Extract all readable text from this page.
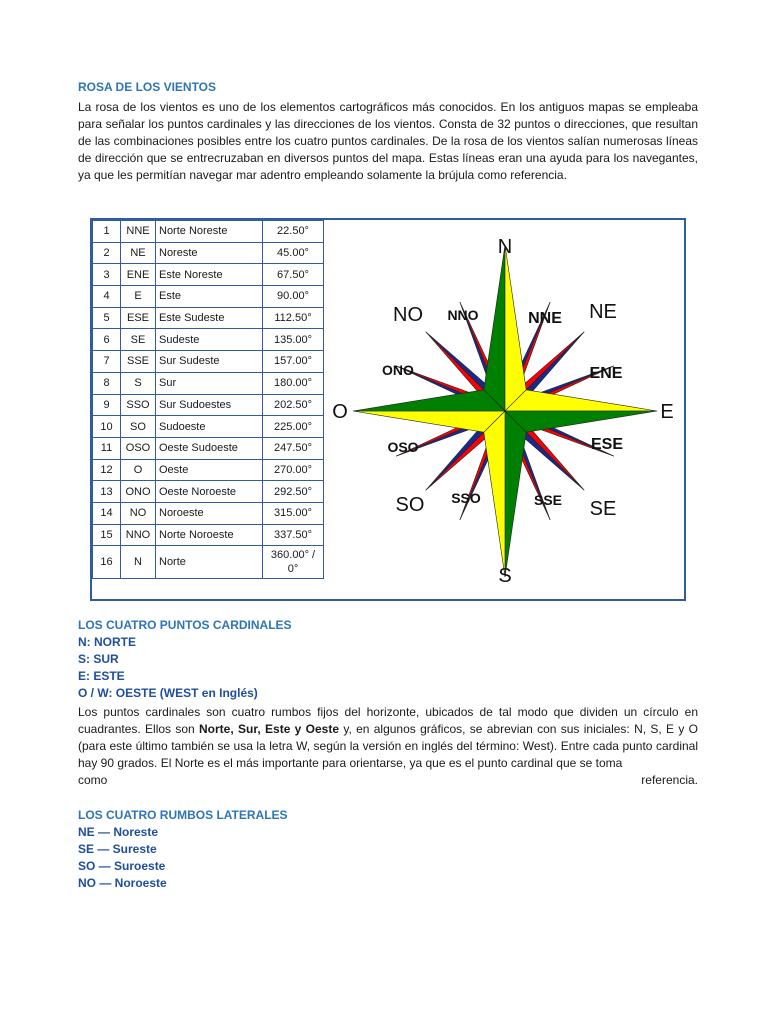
ROSA DE LOS VIENTOS

La rosa de los vientos es uno de los elementos cartográficos más conocidos. En los antiguos mapas se empleaba para señalar los puntos cardinales y las direcciones de los vientos. Consta de 32 puntos o direcciones, que resultan de las combinaciones posibles entre los cuatro puntos cardinales. De la rosa de los vientos salían numerosas líneas de dirección que se entrecruzaban en diversos puntos del mapa. Estas líneas eran una ayuda para los navegantes, ya que les permitían navegar mar adentro empleando solamente la brújula como referencia.

1	NNE	Norte Noreste	22.50°
2	NE	Noreste	45.00°
3	ENE	Este Noreste	67.50°
4	E	Este	90.00°
5	ESE	Este Sudeste	112.50°
6	SE	Sudeste	135.00°
7	SSE	Sur Sudeste	157.00°
8	S	Sur	180.00°
9	SSO	Sur Sudoestes	202.50°
10	SO	Sudoeste	225.00°
11	OSO	Oeste Sudoeste	247.50°
12	O	Oeste	270.00°
13	ONO	Oeste Noroeste	292.50°
14	NO	Noroeste	315.00°
15	NNO	Norte Noroeste	337.50°
16	N	Norte	360.00° / 0°
N
S
E
O
NO	NE
SO	SE
NNO	NNE
ONO	ENE
OSO	ESE
SSO	SSE

LOS CUATRO PUNTOS CARDINALES

N: NORTE
S: SUR
E: ESTE
O / W: OESTE (WEST en Inglés)

Los puntos cardinales son cuatro rumbos fijos del horizonte, ubicados de tal modo que dividen un círculo en cuadrantes. Ellos son Norte, Sur, Este y Oeste y, en algunos gráficos, se abrevian con sus iniciales: N, S, E y O (para este último también se usa la letra W, según la versión en inglés del término: West). Entre cada punto cardinal hay 90 grados. El Norte es el más importante para orientarse, ya que es el punto cardinal que se toma

como	referencia.

LOS CUATRO RUMBOS LATERALES

NE — Noreste
SE — Sureste
SO — Suroeste
NO — Noroeste
